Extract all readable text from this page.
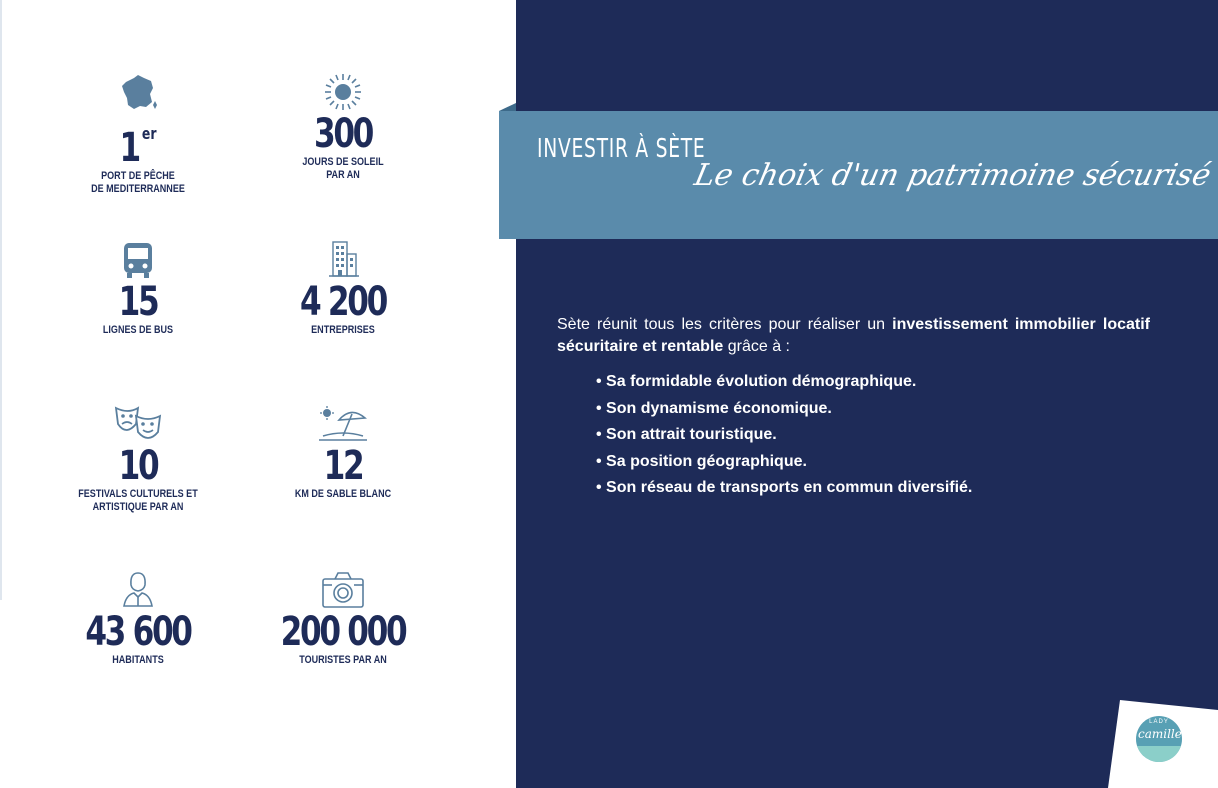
1 $^{er}$
PORT DE PÊCHE
DE MEDITERRANNEE
300
JOURS DE SOLEIL
PAR AN
15
LIGNES DE BUS
4 200
ENTREPRISES
10
FESTIVALS CULTURELS ET
ARTISTIQUE PAR AN
12
KM DE SABLE BLANC
43 600
HABITANTS
200 000
TOURISTES PAR AN
INVESTIR À SÈTE
Le choix d'un patrimoine sécurisé

Sète réunit tous les critères pour réaliser un investissement immobilier locatif sécuritaire et rentable grâce à :

• Sa formidable évolution démographique.
• Son dynamisme économique.
• Son attrait touristique.
• Sa position géographique.
• Son réseau de transports en commun diversifié.
LADY
camille
